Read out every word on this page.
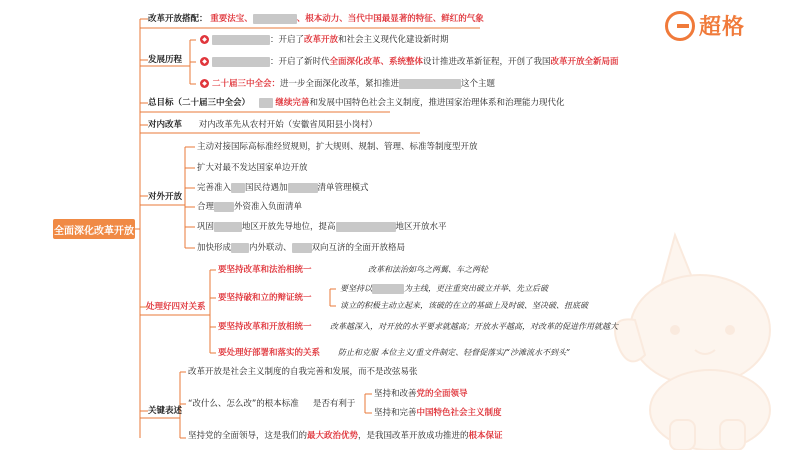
超格
全面深化改革开放
改革开放搭配： 重要法宝、	、根本动力、当代中国最显著的特征、鲜红的气象
发展历程
◆	：开启了改革开放和社会主义现代化建设新时期
◆	：开启了新时代全面深化改革、系统整体设计推进改革新征程，开创了我国改革开放全新局面
◆ 二十届三中全会：进一步全面深化改革，紧扣推进	这个主题
总目标（二十届三中全会）	继续完善和发展中国特色社会主义制度，推进国家治理体系和治理能力现代化
对内改革 对内改革先从农村开始（安徽省凤阳县小岗村）
对外开放
主动对接国际高标准经贸规则，扩大规则、规制、管理、标准等制度型开放
扩大对最不发达国家单边开放
完善准入 国民待遇加	清单管理模式
合理 外资准入负面清单
巩固	地区开放先导地位，提高	地区开放水平
加快形成 内外联动、 双向互济的全面开放格局
处理好四对关系
要坚持改革和法治相统一	改革和法治如鸟之两翼、车之两轮
要坚持破和立的辩证统一
要坚持以	为主线，更注重突出破立并举、先立后破
谈立的积极主动立起来，该破的在立的基础上及时破、坚决破、扭底破
要坚持改革和开放相统一 改革越深入，对开放的水平要求就越高；开放水平越高，对改革的促进作用就越大
要处理好部署和落实的关系 防止和克服 本位主义/重文件制定、轻督促落实/“沙滩流水不到头”
关键表述
改革开放是社会主义制度的自我完善和发展，而不是改弦易张
“改什么、怎么改”的根本标准 是否有利于
坚持和改善党的全面领导
坚持和完善中国特色社会主义制度
坚持党的全面领导，这是我们的最大政治优势，是我国改革开放成功推进的根本保证
